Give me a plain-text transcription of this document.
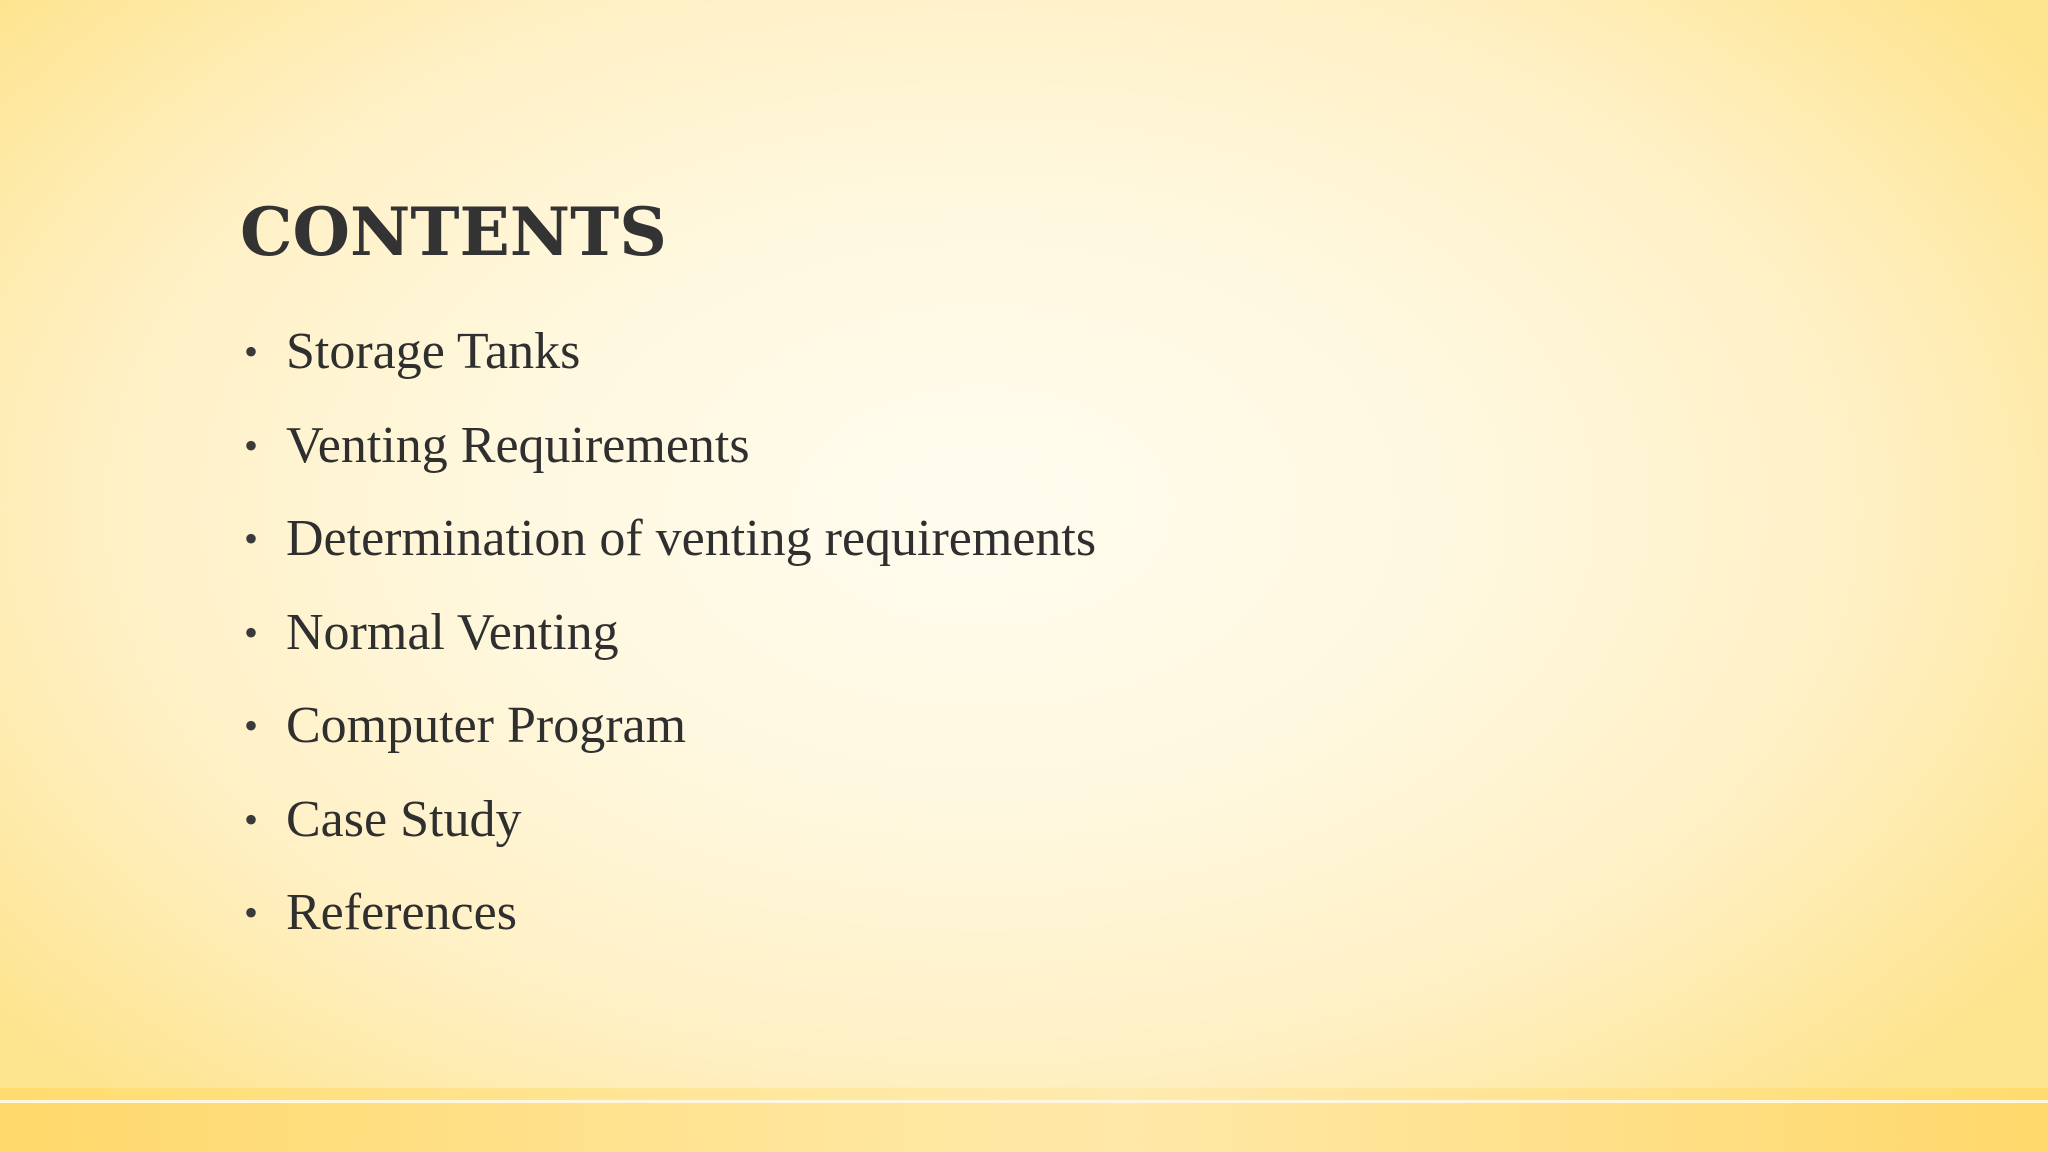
CONTENTS
• Storage Tanks
• Venting Requirements
• Determination of venting requirements
• Normal Venting
• Computer Program
• Case Study
• References
